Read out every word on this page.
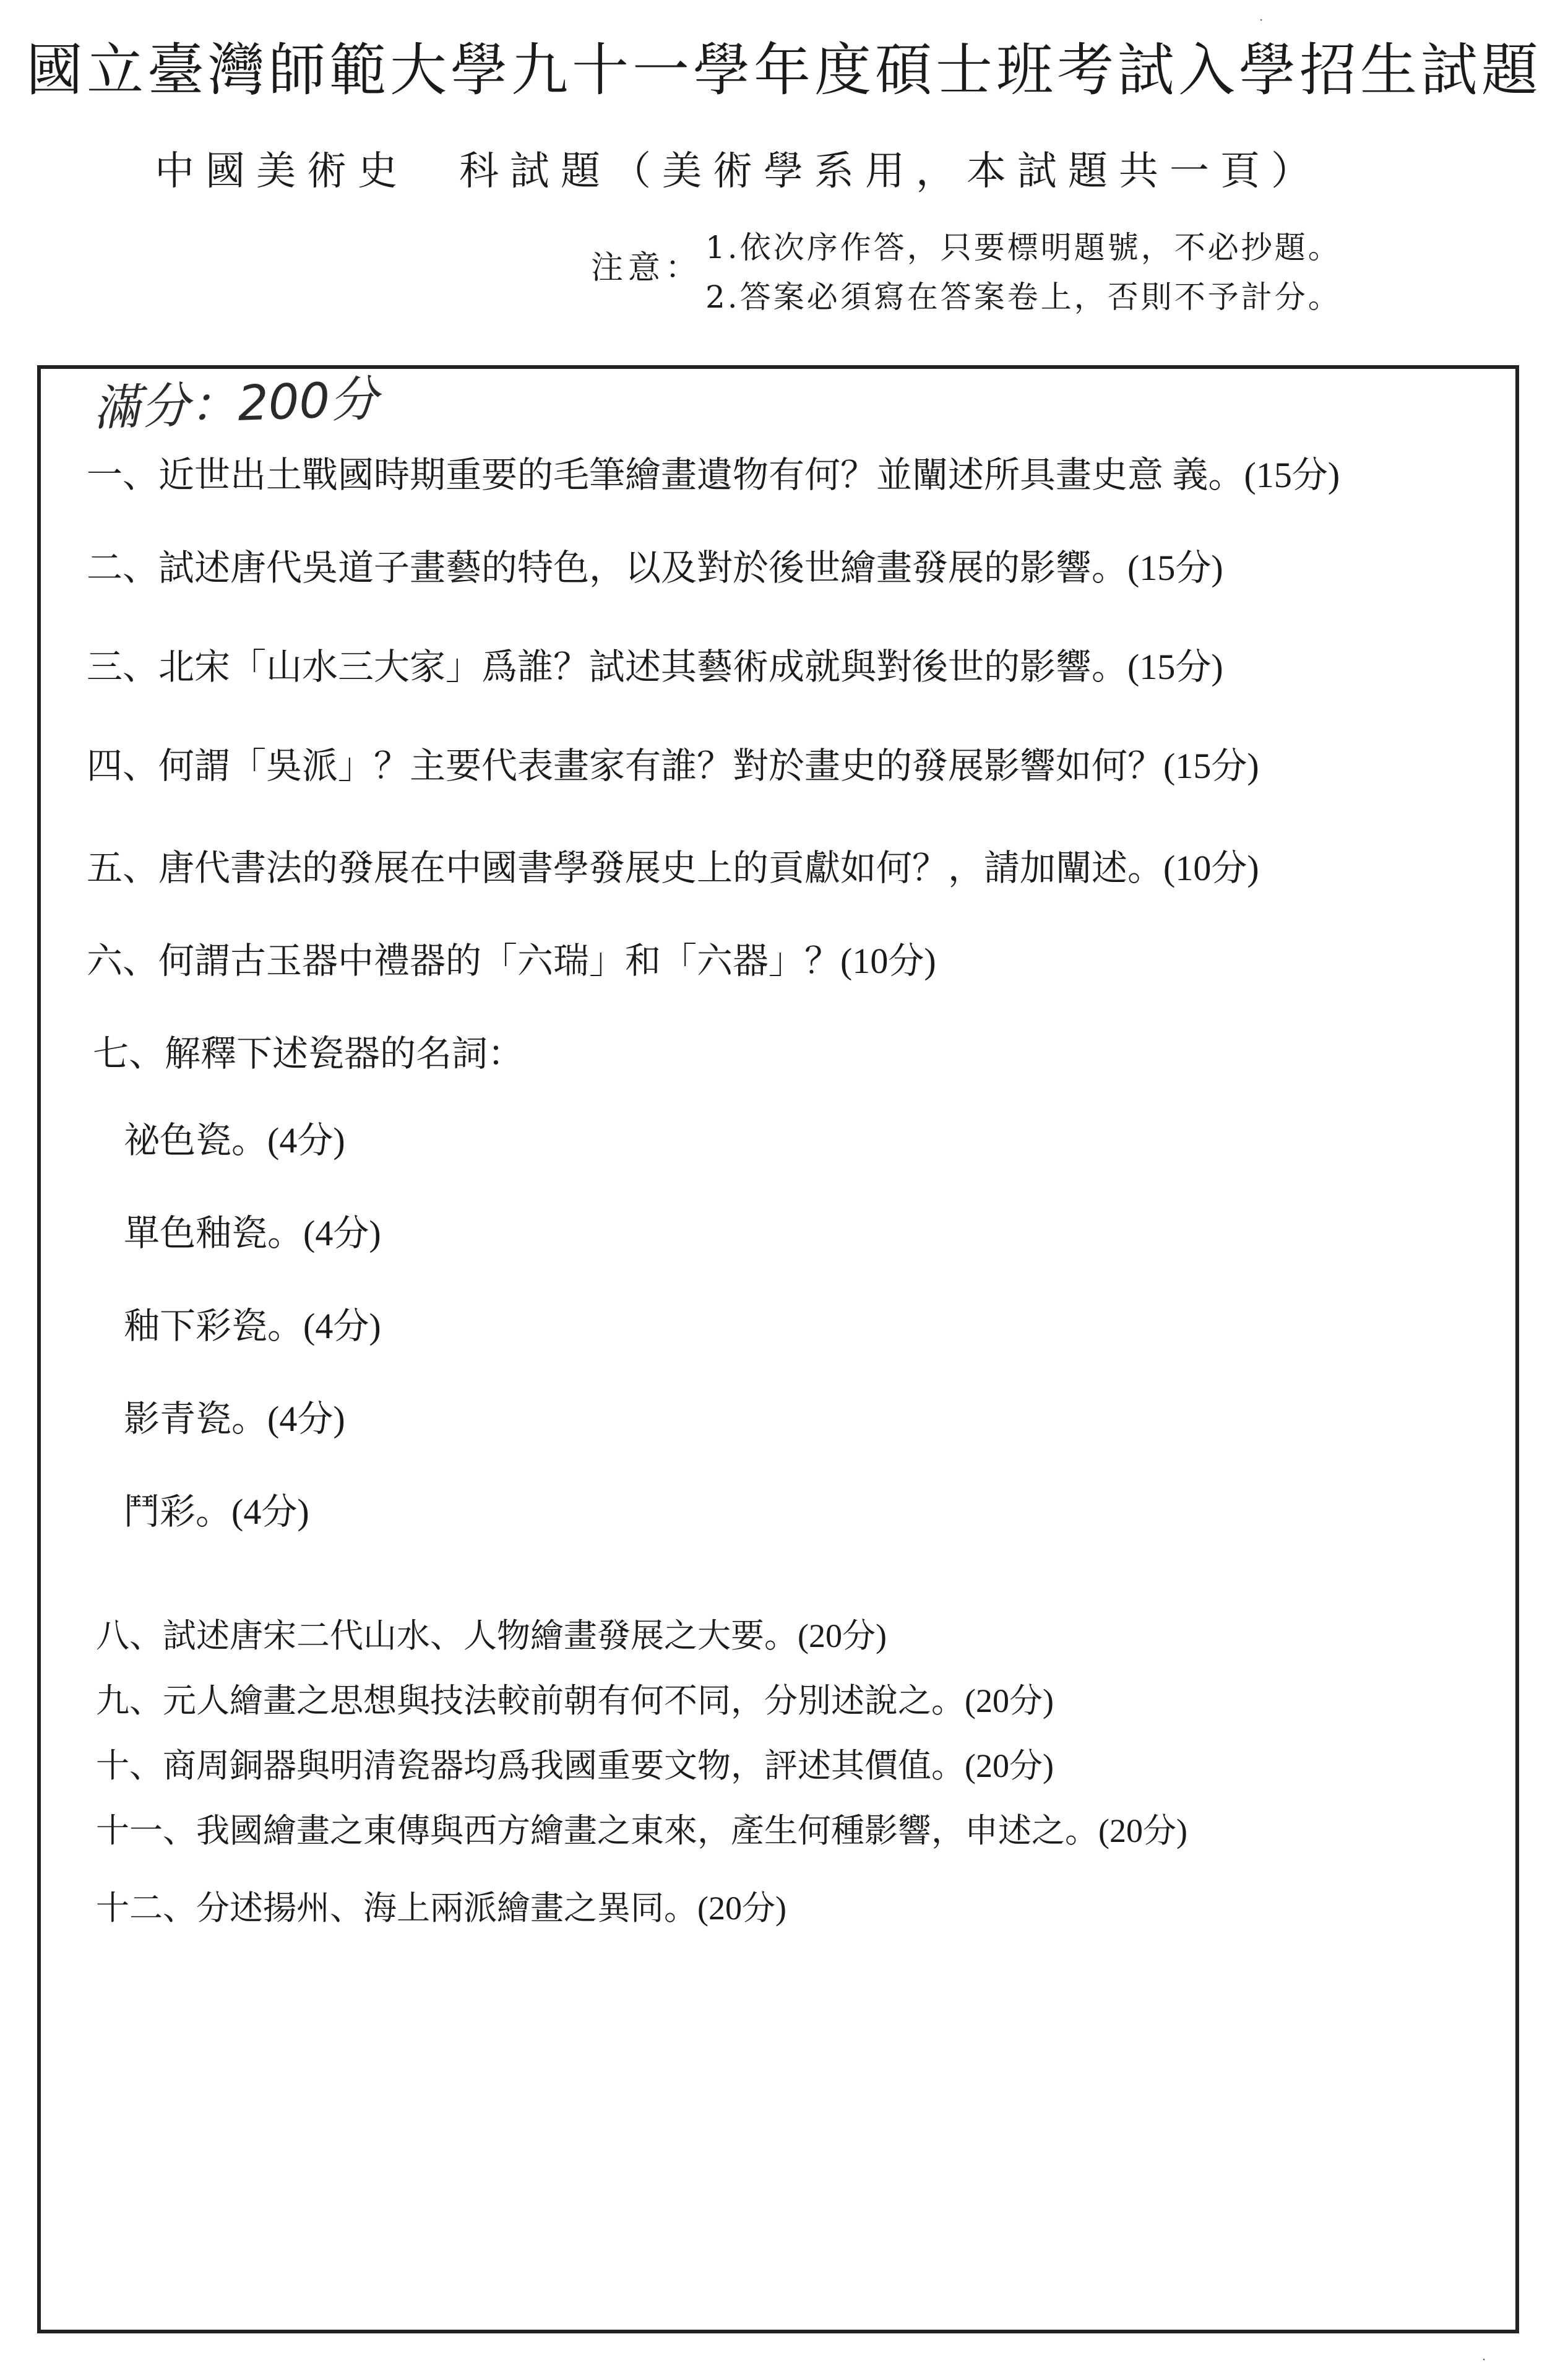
國立臺灣師範大學九十一學年度碩士班考試入學招生試題
中國美術史　科試題（美術學系用，本試題共一頁）
注意：
1.依次序作答，只要標明題號，不必抄題。
2.答案必須寫在答案卷上，否則不予計分。
滿分：200分
一、近世出土戰國時期重要的毛筆繪畫遺物有何？並闡述所具畫史意 義。(15分)
二、試述唐代吳道子畫藝的特色，以及對於後世繪畫發展的影響。(15分)
三、北宋「山水三大家」爲誰？試述其藝術成就與對後世的影響。(15分)
四、何謂「吳派」？主要代表畫家有誰？對於畫史的發展影響如何？(15分)
五、唐代書法的發展在中國書學發展史上的貢獻如何？，請加闡述。(10分)
六、何謂古玉器中禮器的「六瑞」和「六器」？(10分)
七、解釋下述瓷器的名詞：
祕色瓷。(4分)
單色釉瓷。(4分)
釉下彩瓷。(4分)
影青瓷。(4分)
鬥彩。(4分)
八、試述唐宋二代山水、人物繪畫發展之大要。(20分)
九、元人繪畫之思想與技法較前朝有何不同，分別述說之。(20分)
十、商周銅器與明清瓷器均爲我國重要文物，評述其價值。(20分)
十一、我國繪畫之東傳與西方繪畫之東來，產生何種影響，申述之。(20分)
十二、分述揚州、海上兩派繪畫之異同。(20分)
·
·
